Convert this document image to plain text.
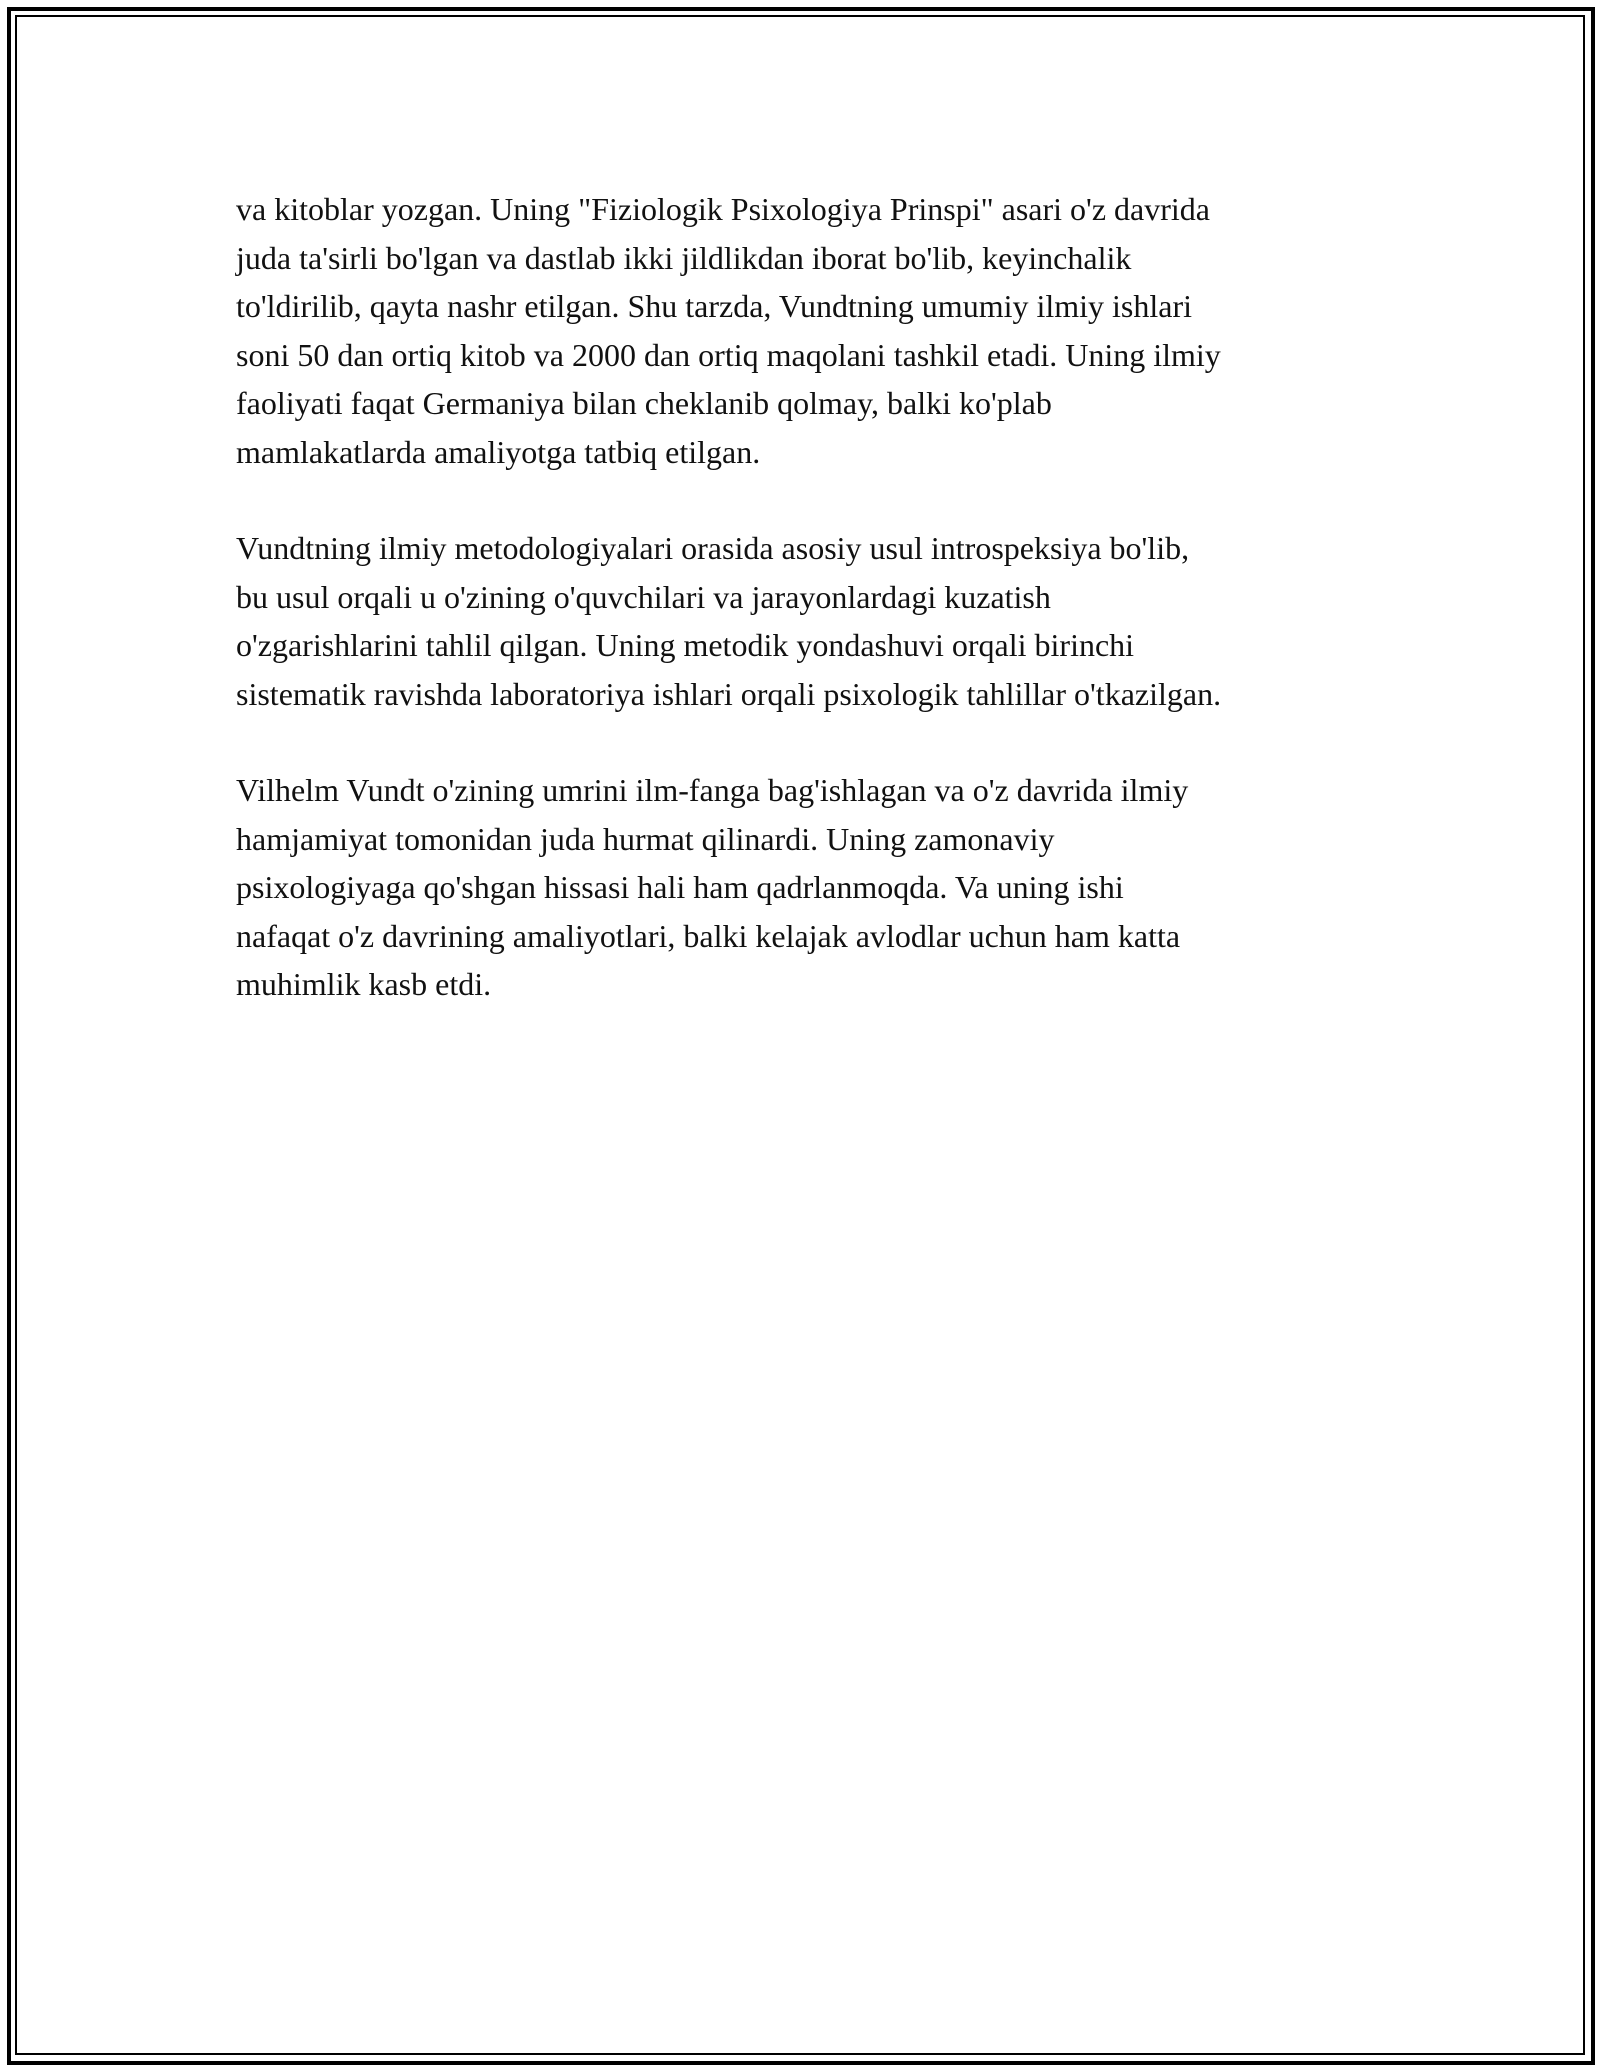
va kitoblar yozgan. Uning "Fiziologik Psixologiya Prinspi" asari o'z davrida
juda ta'sirli bo'lgan va dastlab ikki jildlikdan iborat bo'lib, keyinchalik
to'ldirilib, qayta nashr etilgan. Shu tarzda, Vundtning umumiy ilmiy ishlari
soni 50 dan ortiq kitob va 2000 dan ortiq maqolani tashkil etadi. Uning ilmiy
faoliyati faqat Germaniya bilan cheklanib qolmay, balki ko'plab
mamlakatlarda amaliyotga tatbiq etilgan.

Vundtning ilmiy metodologiyalari orasida asosiy usul introspeksiya bo'lib,
bu usul orqali u o'zining o'quvchilari va jarayonlardagi kuzatish
o'zgarishlarini tahlil qilgan. Uning metodik yondashuvi orqali birinchi
sistematik ravishda laboratoriya ishlari orqali psixologik tahlillar o'tkazilgan.

Vilhelm Vundt o'zining umrini ilm-fanga bag'ishlagan va o'z davrida ilmiy
hamjamiyat tomonidan juda hurmat qilinardi. Uning zamonaviy
psixologiyaga qo'shgan hissasi hali ham qadrlanmoqda. Va uning ishi
nafaqat o'z davrining amaliyotlari, balki kelajak avlodlar uchun ham katta
muhimlik kasb etdi.
